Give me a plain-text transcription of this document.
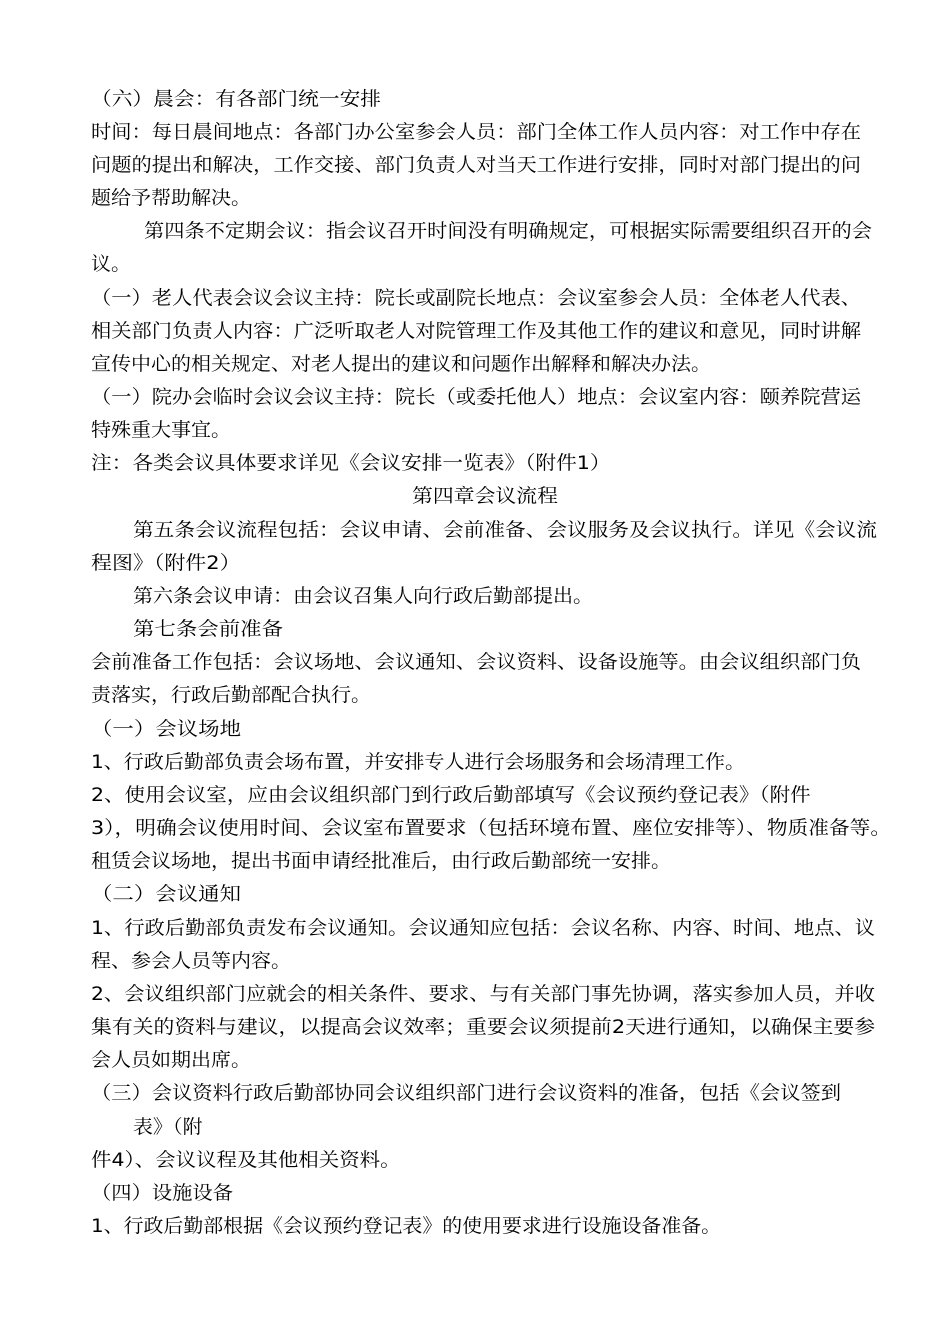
（六）晨会：有各部门统一安排
时间：每日晨间地点：各部门办公室参会人员：部门全体工作人员内容：对工作中存在
问题的提出和解决，工作交接、部门负责人对当天工作进行安排，同时对部门提出的问
题给予帮助解决。
第四条不定期会议：指会议召开时间没有明确规定，可根据实际需要组织召开的会
议。
（一）老人代表会议会议主持：院长或副院长地点：会议室参会人员：全体老人代表、
相关部门负责人内容：广泛听取老人对院管理工作及其他工作的建议和意见，同时讲解
宣传中心的相关规定、对老人提出的建议和问题作出解释和解决办法。
（一）院办会临时会议会议主持：院长（或委托他人）地点：会议室内容：颐养院营运
特殊重大事宜。
注：各类会议具体要求详见《会议安排一览表》（附件1）
第四章会议流程
第五条会议流程包括：会议申请、会前准备、会议服务及会议执行。详见《会议流
程图》（附件2）
第六条会议申请：由会议召集人向行政后勤部提出。
第七条会前准备
会前准备工作包括：会议场地、会议通知、会议资料、设备设施等。由会议组织部门负
责落实，行政后勤部配合执行。
（一）会议场地
1、行政后勤部负责会场布置，并安排专人进行会场服务和会场清理工作。
2、使用会议室，应由会议组织部门到行政后勤部填写《会议预约登记表》（附件
3），明确会议使用时间、会议室布置要求（包括环境布置、座位安排等）、物质准备等。
租赁会议场地，提出书面申请经批准后，由行政后勤部统一安排。
（二）会议通知
1、行政后勤部负责发布会议通知。会议通知应包括：会议名称、内容、时间、地点、议
程、参会人员等内容。
2、会议组织部门应就会的相关条件、要求、与有关部门事先协调，落实参加人员，并收
集有关的资料与建议，以提高会议效率；重要会议须提前2天进行通知，以确保主要参
会人员如期出席。
（三）会议资料行政后勤部协同会议组织部门进行会议资料的准备，包括《会议签到
表》（附
件4）、会议议程及其他相关资料。
（四）设施设备
1、行政后勤部根据《会议预约登记表》的使用要求进行设施设备准备。
